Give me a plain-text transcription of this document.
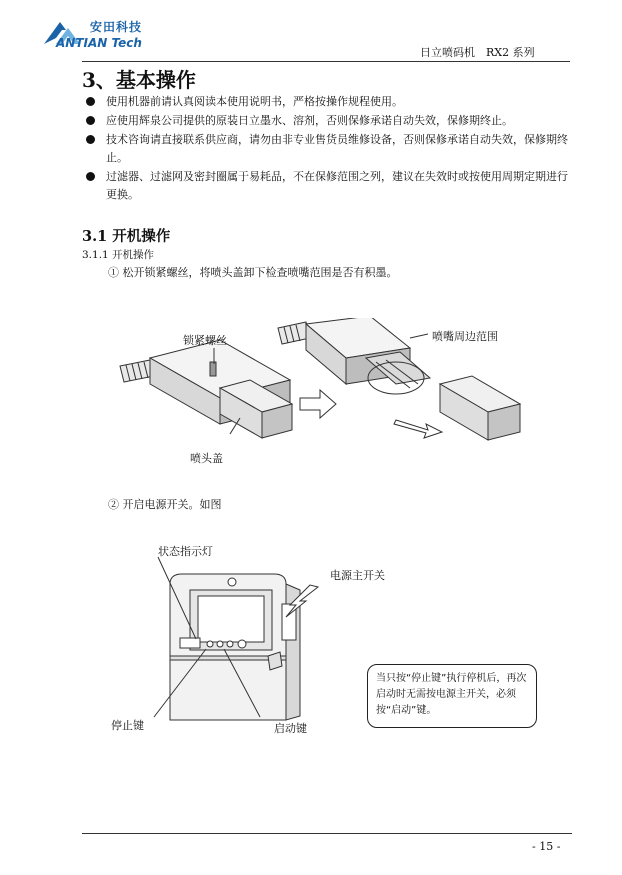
安田科技
ANTIAN Tech
日立喷码机　RX2 系列
3、基本操作
使用机器前请认真阅读本使用说明书，严格按操作规程使用。
应使用辉泉公司提供的原装日立墨水、溶剂，否则保修承诺自动失效，保修期终止。
技术咨询请直接联系供应商，请勿由非专业售货员维修设备，否则保修承诺自动失效，保修期终止。
过滤器、过滤网及密封圈属于易耗品，不在保修范围之列，建议在失效时或按使用周期定期进行更换。
3.1 开机操作
3.1.1 开机操作
① 松开锁紧螺丝，将喷头盖卸下检查喷嘴范围是否有积墨。
锁紧螺丝	喷嘴周边范围
喷头盖
② 开启电源开关。如图
状态指示灯
电源主开关
停止键	启动键
当只按“停止键”执行停机后，再次启动时无需按电源主开关，必须按“启动”键。
- 15 -
